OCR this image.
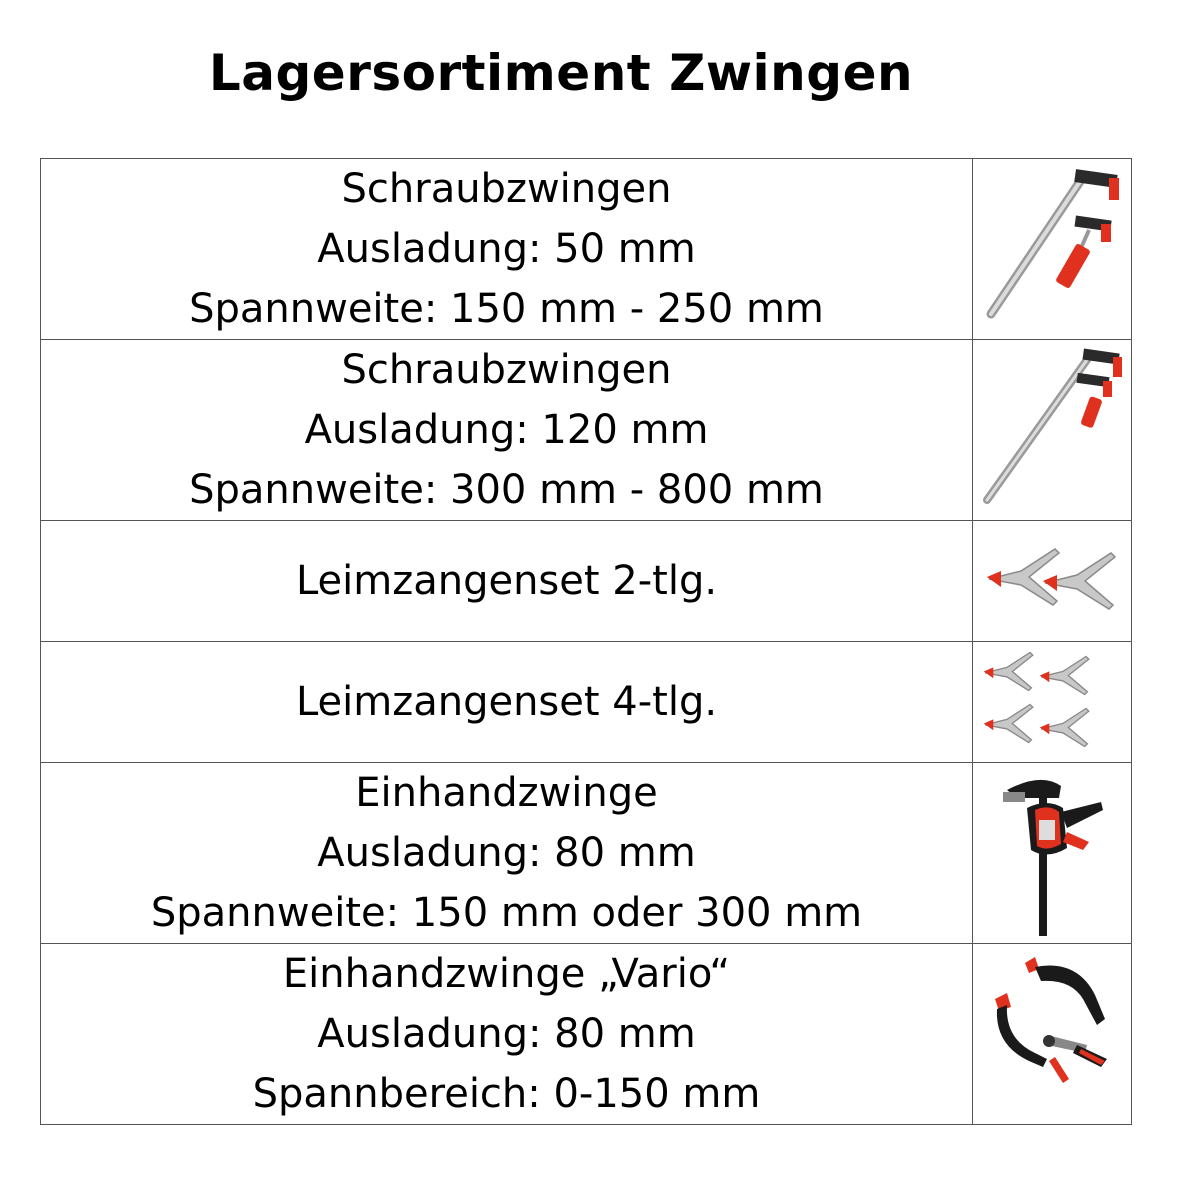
Lagersortiment Zwingen
Schraubzwingen
Ausladung: 50 mm
Spannweite: 150 mm - 250 mm

Schraubzwingen
Ausladung: 120 mm
Spannweite: 300 mm - 800 mm

Leimzangenset 2-tlg.

Leimzangenset 4-tlg.

Einhandzwinge
Ausladung: 80 mm
Spannweite: 150 mm oder 300 mm

Einhandzwinge „Vario“
Ausladung: 80 mm
Spannbereich: 0-150 mm
